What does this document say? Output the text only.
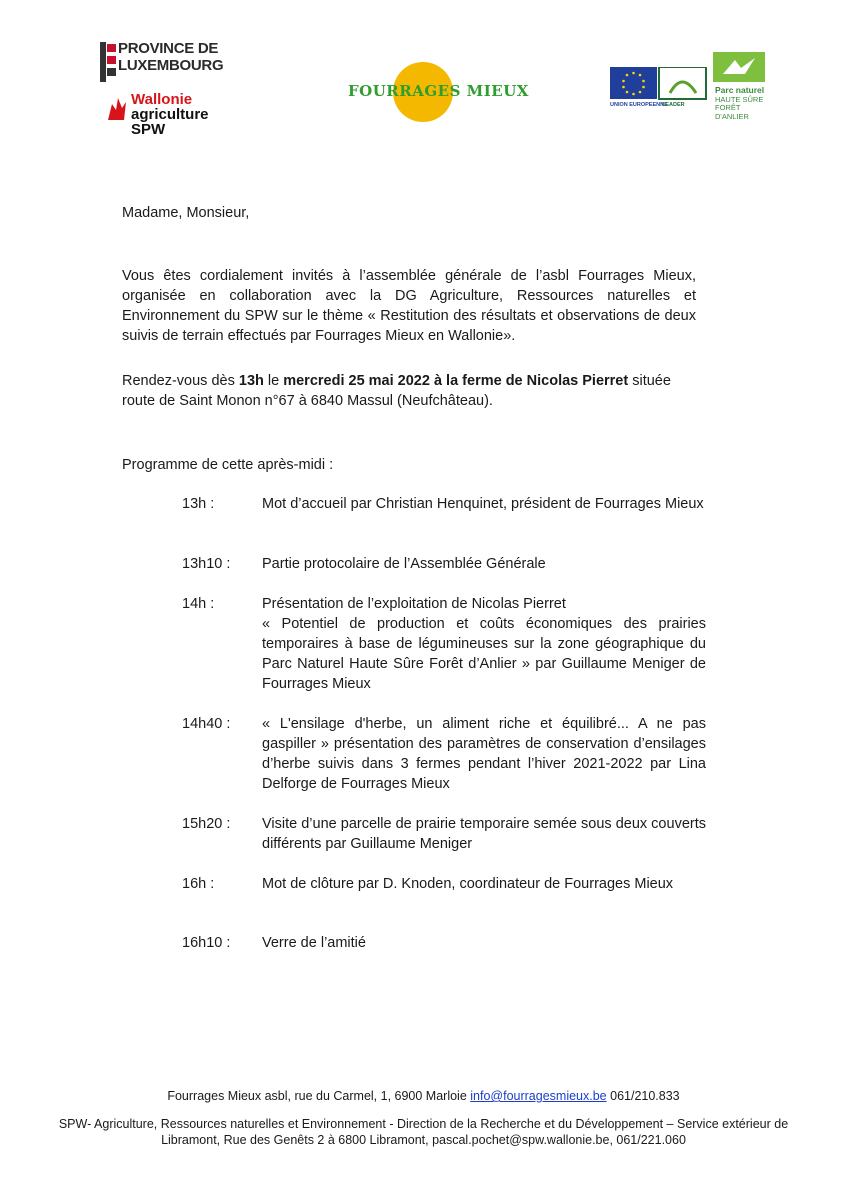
PROVINCE DE
LUXEMBOURG
Wallonie
agriculture
SPW
FOURRAGES MIEUX
UNION EUROPEENNE
LEADER
Parc naturel
HAUTE SÛRE
FORÊT D'ANLIER
Madame, Monsieur,
Vous êtes cordialement invités à l’assemblée générale de l’asbl Fourrages Mieux, organisée en collaboration avec la DG Agriculture, Ressources naturelles et Environnement du SPW sur le thème « Restitution des résultats et observations de deux suivis de terrain effectués par Fourrages Mieux en Wallonie».
Rendez-vous dès 13h le mercredi 25 mai 2022 à la ferme de Nicolas Pierret située route de Saint Monon n°67 à 6840 Massul (Neufchâteau).
Programme de cette après-midi :
13h :	Mot d’accueil par Christian Henquinet, président de Fourrages Mieux
13h10 :	Partie protocolaire de l’Assemblée Générale
14h :	Présentation de l’exploitation de Nicolas Pierret
« Potentiel de production et coûts économiques des prairies temporaires à base de légumineuses sur la zone géographique du Parc Naturel Haute Sûre Forêt d’Anlier » par Guillaume Meniger de Fourrages Mieux
14h40 :	« L'ensilage d'herbe, un aliment riche et équilibré... A ne pas gaspiller » présentation des paramètres de conservation d’ensilages d’herbe suivis dans 3 fermes pendant l’hiver 2021-2022 par Lina Delforge de Fourrages Mieux
15h20 :	Visite d’une parcelle de prairie temporaire semée sous deux couverts différents par Guillaume Meniger
16h :	Mot de clôture par D. Knoden, coordinateur de Fourrages Mieux
16h10 :	Verre de l’amitié
Fourrages Mieux asbl, rue du Carmel, 1, 6900 Marloie info@fourragesmieux.be 061/210.833
SPW- Agriculture, Ressources naturelles et Environnement - Direction de la Recherche et du Développement – Service extérieur de Libramont, Rue des Genêts 2 à 6800 Libramont, pascal.pochet@spw.wallonie.be, 061/221.060
